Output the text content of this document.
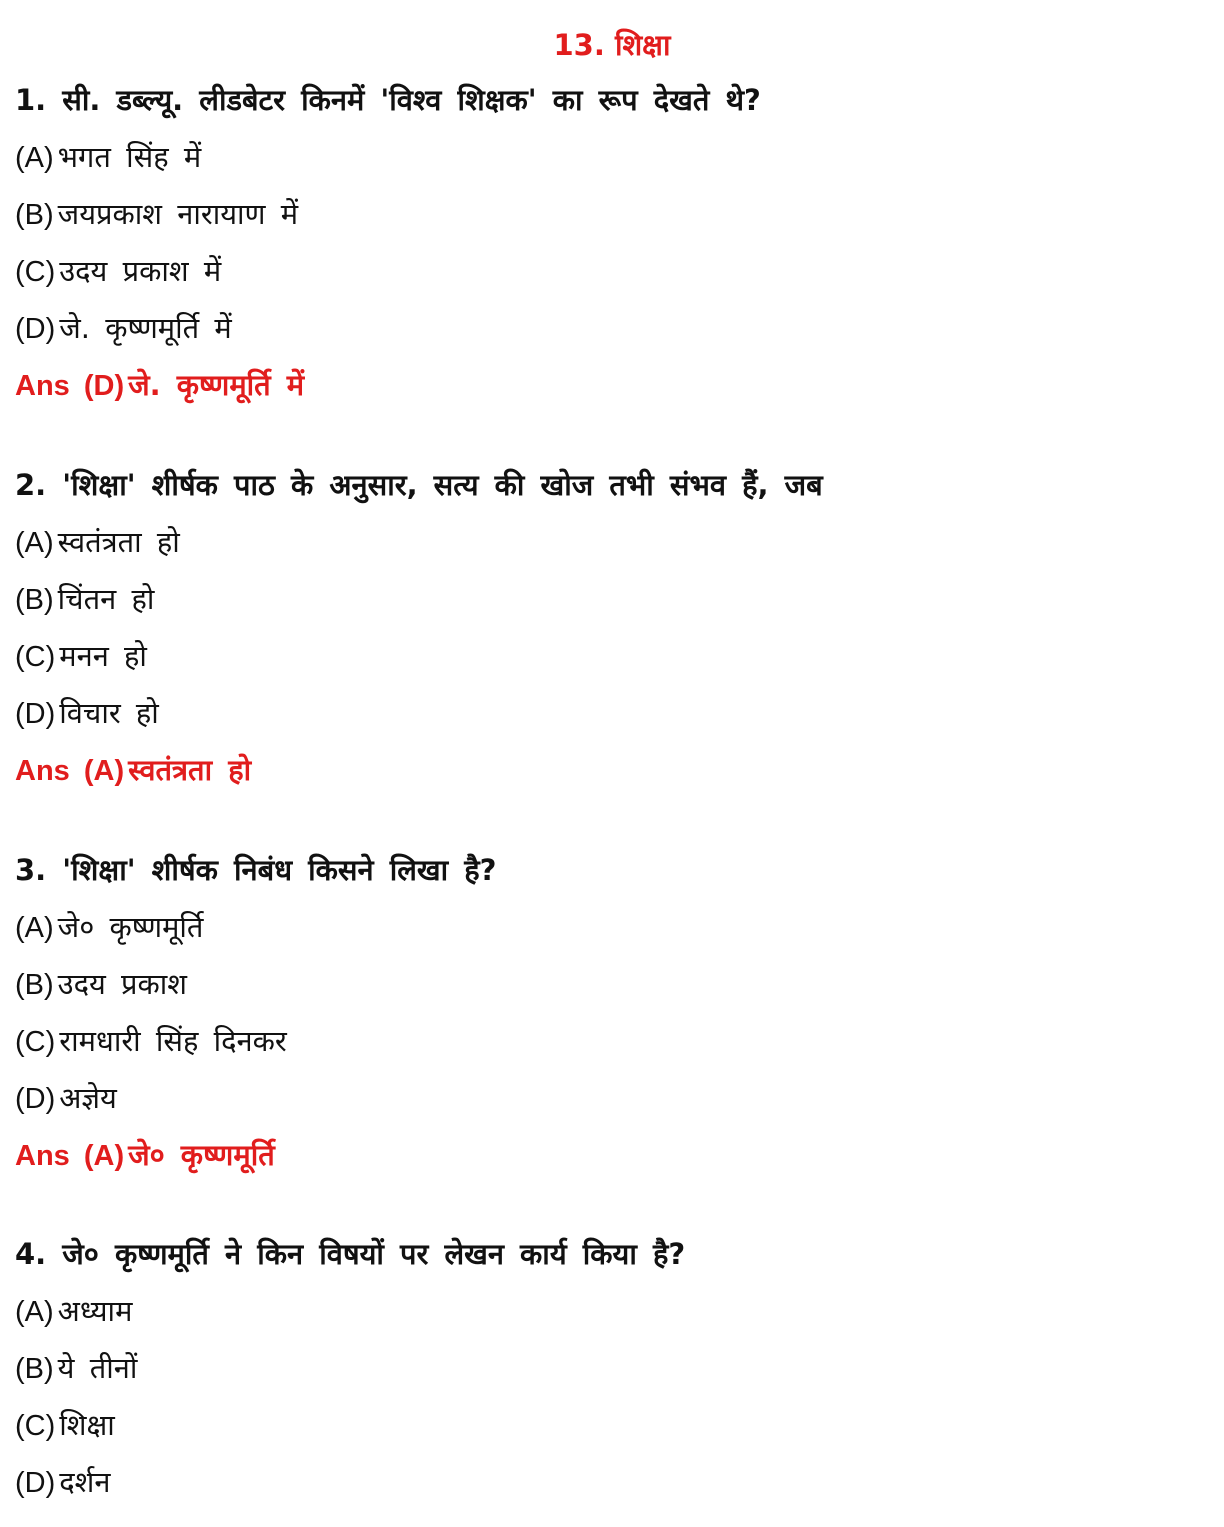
13. शिक्षा
1. सी. डब्ल्यू. लीडबेटर किनमें 'विश्व शिक्षक' का रूप देखते थे?
(A) भगत सिंह में
(B) जयप्रकाश नारायाण में
(C) उदय प्रकाश में
(D) जे. कृष्णमूर्ति में
Ans (D) जे. कृष्णमूर्ति में
2. 'शिक्षा' शीर्षक पाठ के अनुसार, सत्य की खोज तभी संभव हैं, जब
(A) स्वतंत्रता हो
(B) चिंतन हो
(C) मनन हो
(D) विचार हो
Ans (A) स्वतंत्रता हो
3. 'शिक्षा' शीर्षक निबंध किसने लिखा है?
(A) जे० कृष्णमूर्ति
(B) उदय प्रकाश
(C) रामधारी सिंह दिनकर
(D) अज्ञेय
Ans (A) जे० कृष्णमूर्ति
4. जे० कृष्णमूर्ति ने किन विषयों पर लेखन कार्य किया है?
(A) अध्याम
(B) ये तीनों
(C) शिक्षा
(D) दर्शन
